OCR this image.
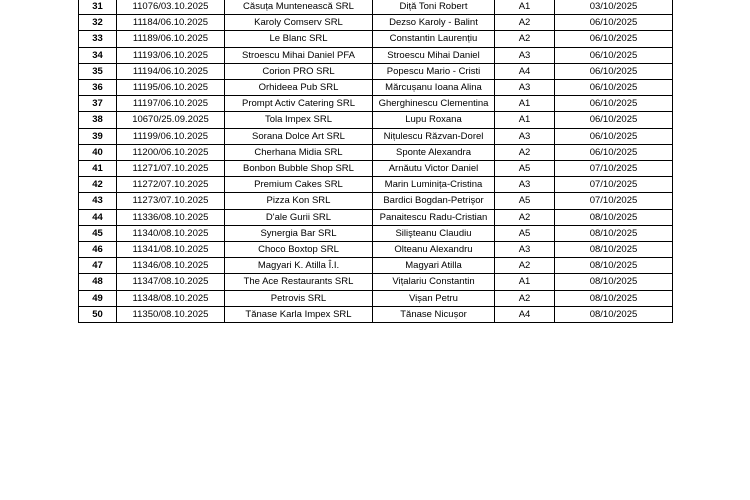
31	11076/03.10.2025	Căsuța Muntenească SRL	Diță Toni Robert	A1	03/10/2025
32	11184/06.10.2025	Karoly Comserv SRL	Dezso Karoly - Balint	A2	06/10/2025
33	11189/06.10.2025	Le Blanc SRL	Constantin Laurențiu	A2	06/10/2025
34	11193/06.10.2025	Stroescu Mihai Daniel PFA	Stroescu Mihai Daniel	A3	06/10/2025
35	11194/06.10.2025	Corion PRO SRL	Popescu Mario - Cristi	A4	06/10/2025
36	11195/06.10.2025	Orhideea Pub SRL	Mărcușanu Ioana Alina	A3	06/10/2025
37	11197/06.10.2025	Prompt Activ Catering SRL	Gherghinescu Clementina	A1	06/10/2025
38	10670/25.09.2025	Tola Impex SRL	Lupu Roxana	A1	06/10/2025
39	11199/06.10.2025	Sorana Dolce Art SRL	Nițulescu Răzvan-Dorel	A3	06/10/2025
40	11200/06.10.2025	Cherhana Midia SRL	Sponte Alexandra	A2	06/10/2025
41	11271/07.10.2025	Bonbon Bubble Shop SRL	Arnăutu Victor Daniel	A5	07/10/2025
42	11272/07.10.2025	Premium Cakes SRL	Marin Luminița-Cristina	A3	07/10/2025
43	11273/07.10.2025	Pizza Kon SRL	Bardici Bogdan-Petrişor	A5	07/10/2025
44	11336/08.10.2025	D'ale Gurii SRL	Panaitescu Radu-Cristian	A2	08/10/2025
45	11340/08.10.2025	Synergia Bar SRL	Silişteanu Claudiu	A5	08/10/2025
46	11341/08.10.2025	Choco Boxtop SRL	Olteanu Alexandru	A3	08/10/2025
47	11346/08.10.2025	Magyari K. Atilla Î.I.	Magyari Atilla	A2	08/10/2025
48	11347/08.10.2025	The Ace Restaurants SRL	Vițalariu Constantin	A1	08/10/2025
49	11348/08.10.2025	Petrovis SRL	Vișan Petru	A2	08/10/2025
50	11350/08.10.2025	Tănase Karla Impex SRL	Tănase Nicușor	A4	08/10/2025
